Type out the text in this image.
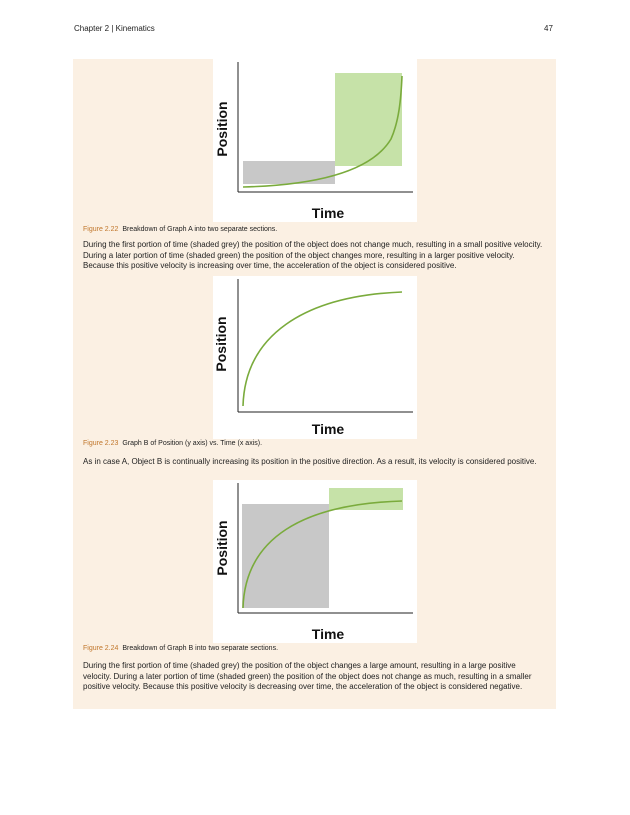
Chapter 2 | Kinematics	47
Position
Time
Figure 2.22 Breakdown of Graph A into two separate sections.
During the first portion of time (shaded grey) the position of the object does not change much, resulting in a small positive velocity. During a later portion of time (shaded green) the position of the object changes more, resulting in a larger positive velocity. Because this positive velocity is increasing over time, the acceleration of the object is considered positive.
Position
Time
Figure 2.23 Graph B of Position (y axis) vs. Time (x axis).
As in case A, Object B is continually increasing its position in the positive direction. As a result, its velocity is considered positive.
Position
Time
Figure 2.24 Breakdown of Graph B into two separate sections.
During the first portion of time (shaded grey) the position of the object changes a large amount, resulting in a large positive velocity. During a later portion of time (shaded green) the position of the object does not change as much, resulting in a smaller positive velocity. Because this positive velocity is decreasing over time, the acceleration of the object is considered negative.
